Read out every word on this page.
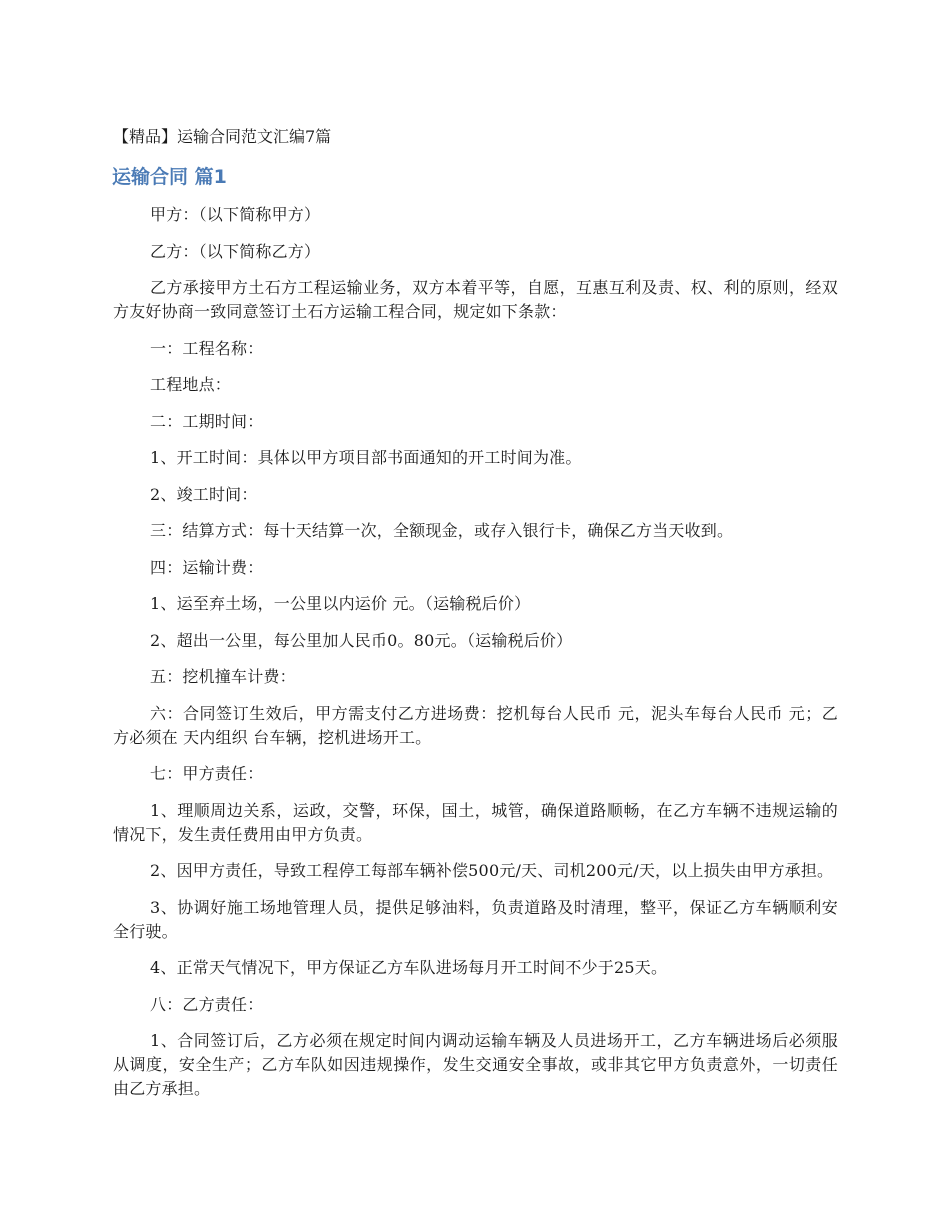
【精品】运输合同范文汇编7篇
运输合同 篇1

甲方：（以下简称甲方）

乙方：（以下简称乙方）

乙方承接甲方土石方工程运输业务，双方本着平等，自愿，互惠互利及责、权、利的原则，经双方友好协商一致同意签订土石方运输工程合同，规定如下条款：

一：工程名称：

工程地点：

二：工期时间：

1、开工时间：具体以甲方项目部书面通知的开工时间为准。

2、竣工时间：

三：结算方式：每十天结算一次，全额现金，或存入银行卡，确保乙方当天收到。

四：运输计费：

1、运至弃土场，一公里以内运价 元。（运输税后价）

2、超出一公里，每公里加人民币0。80元。（运输税后价）

五：挖机撞车计费：

六：合同签订生效后，甲方需支付乙方进场费：挖机每台人民币 元，泥头车每台人民币 元；乙方必须在 天内组织 台车辆，挖机进场开工。

七：甲方责任：

1、理顺周边关系，运政，交警，环保，国土，城管，确保道路顺畅，在乙方车辆不违规运输的情况下，发生责任费用由甲方负责。

2、因甲方责任，导致工程停工每部车辆补偿500元/天、司机200元/天，以上损失由甲方承担。

3、协调好施工场地管理人员，提供足够油料，负责道路及时清理，整平，保证乙方车辆顺利安全行驶。

4、正常天气情况下，甲方保证乙方车队进场每月开工时间不少于25天。

八：乙方责任：

1、合同签订后，乙方必须在规定时间内调动运输车辆及人员进场开工，乙方车辆进场后必须服从调度，安全生产；乙方车队如因违规操作，发生交通安全事故，或非其它甲方负责意外，一切责任由乙方承担。
